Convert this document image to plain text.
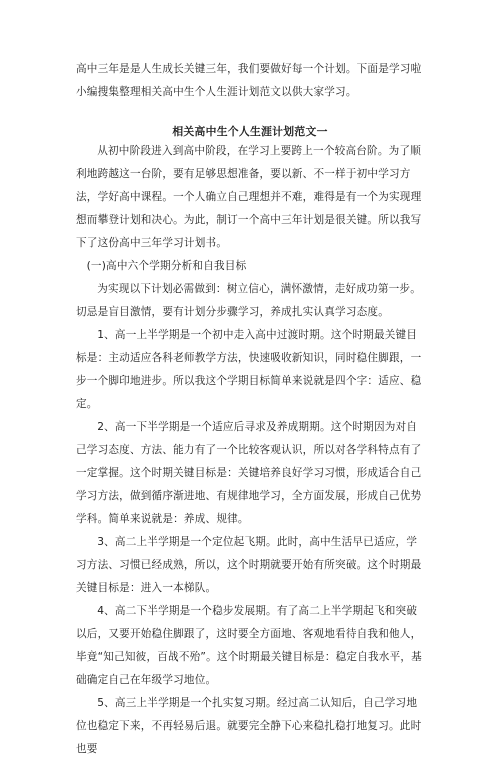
高中三年是是人生成长关键三年，我们要做好每一个计划。下面是学习啦小编搜集整理相关高中生个人生涯计划范文以供大家学习。

相关高中生个人生涯计划范文一

从初中阶段进入到高中阶段，在学习上要跨上一个较高台阶。为了顺利地跨越这一台阶，要有足够思想准备，要以新、不一样于初中学习方法，学好高中课程。一个人确立自己理想并不难，难得是有一个为实现理想而攀登计划和决心。为此，制订一个高中三年计划是很关键。所以我写下了这份高中三年学习计划书。

(一)高中六个学期分析和自我目标

为实现以下计划必需做到：树立信心，满怀激情，走好成功第一步。切忌是盲目激情，要有计划分步骤学习，养成扎实认真学习态度。

1、高一上半学期是一个初中走入高中过渡时期。这个时期最关键目标是：主动适应各科老师教学方法，快速吸收新知识，同时稳住脚跟，一步一个脚印地进步。所以我这个学期目标简单来说就是四个字：适应、稳定。

2、高一下半学期是一个适应后寻求及养成期期。这个时期因为对自己学习态度、方法、能力有了一个比较客观认识，所以对各学科特点有了一定掌握。这个时期关键目标是：关键培养良好学习习惯，形成适合自己学习方法，做到循序渐进地、有规律地学习，全方面发展，形成自己优势学科。简单来说就是：养成、规律。

3、高二上半学期是一个定位起飞期。此时，高中生活早已适应，学习方法、习惯已经成熟，所以，这个时期就要开始有所突破。这个时期最关键目标是：进入一本梯队。

4、高二下半学期是一个稳步发展期。有了高二上半学期起飞和突破以后，又要开始稳住脚跟了，这时要全方面地、客观地看待自我和他人，毕竟“知己知彼，百战不殆”。这个时期最关键目标是：稳定自我水平，基础确定自己在年级学习地位。

5、高三上半学期是一个扎实复习期。经过高二认知后，自己学习地位也稳定下来，不再轻易后退。就要完全静下心来稳扎稳打地复习。此时也要
